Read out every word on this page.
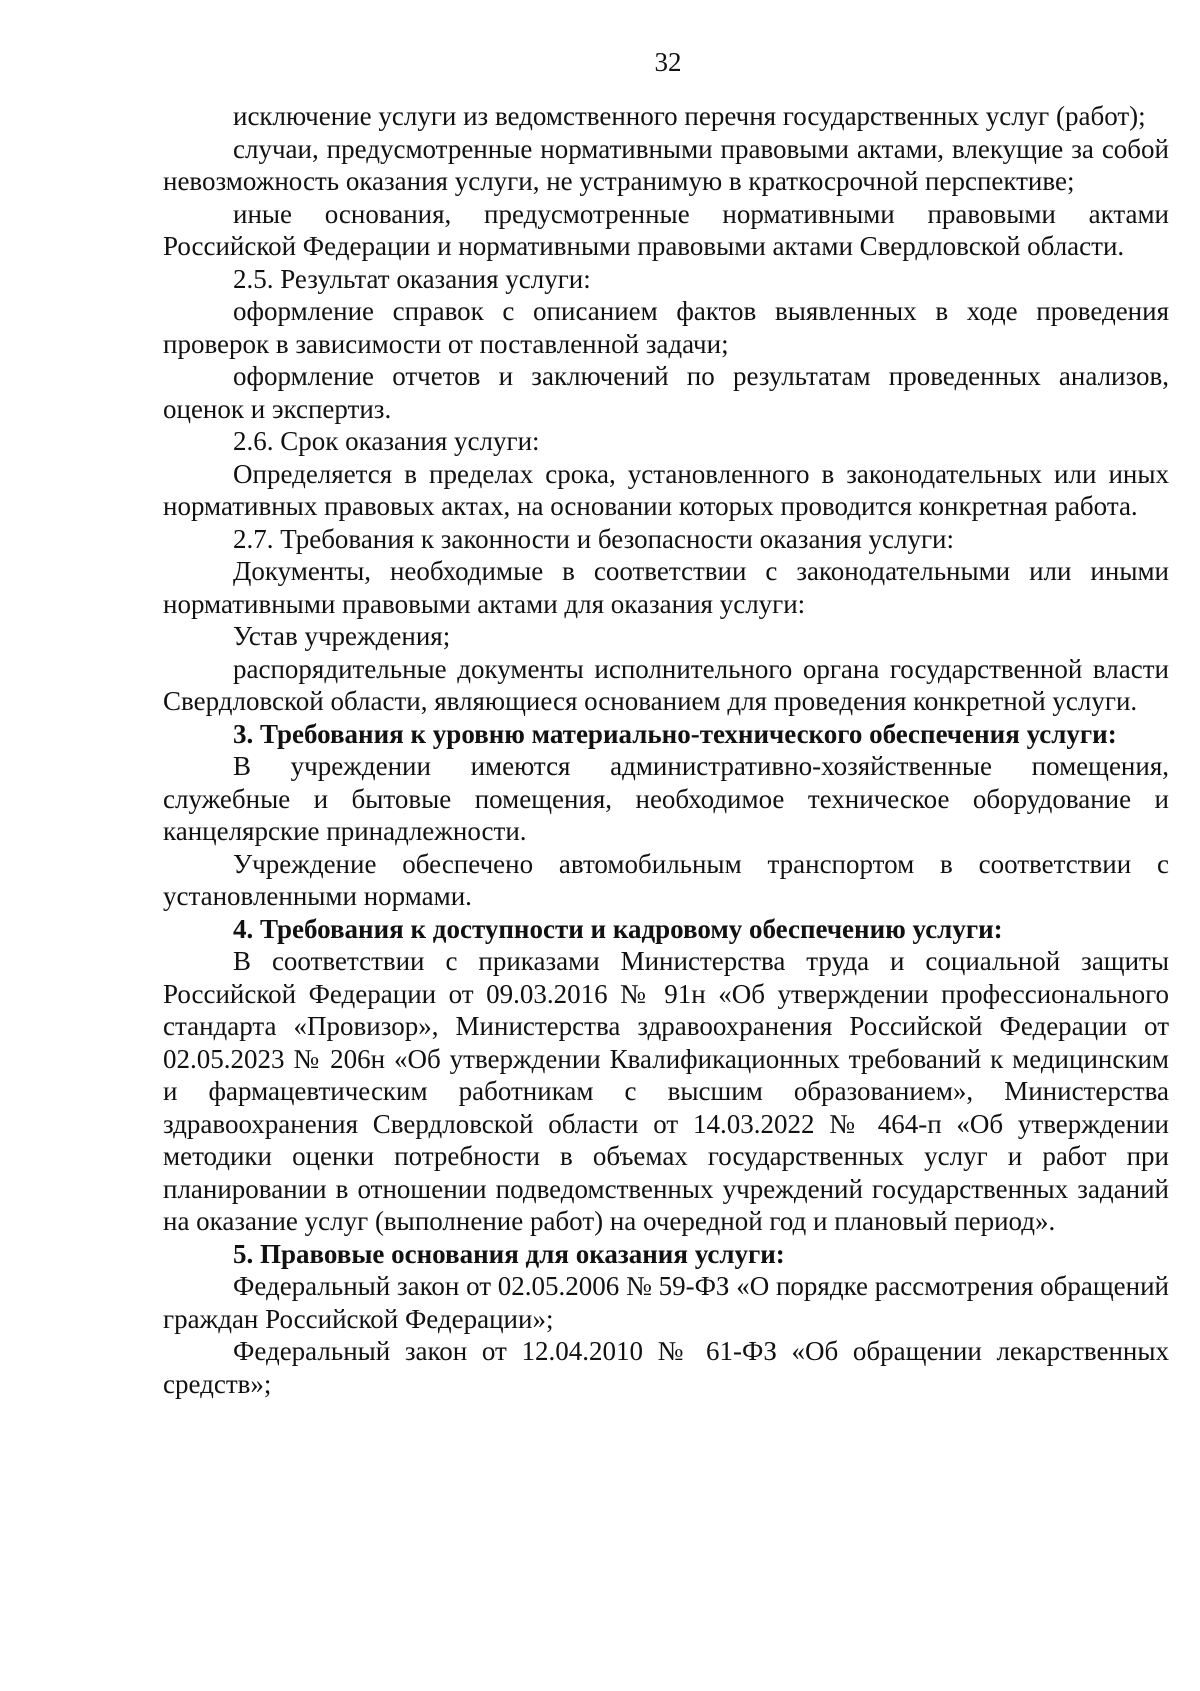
32

исключение услуги из ведомственного перечня государственных услуг (работ);

случаи, предусмотренные нормативными правовыми актами, влекущие за собой невозможность оказания услуги, не устранимую в краткосрочной перспективе;

иные основания, предусмотренные нормативными правовыми актами Российской Федерации и нормативными правовыми актами Свердловской области.

2.5. Результат оказания услуги:

оформление справок с описанием фактов выявленных в ходе проведения проверок в зависимости от поставленной задачи;

оформление отчетов и заключений по результатам проведенных анализов, оценок и экспертиз.

2.6. Срок оказания услуги:

Определяется в пределах срока, установленного в законодательных или иных нормативных правовых актах, на основании которых проводится конкретная работа.

2.7. Требования к законности и безопасности оказания услуги:

Документы, необходимые в соответствии с законодательными или иными нормативными правовыми актами для оказания услуги:

Устав учреждения;

распорядительные документы исполнительного органа государственной власти Свердловской области, являющиеся основанием для проведения конкретной услуги.

3. Требования к уровню материально-технического обеспечения услуги:

В учреждении имеются административно-хозяйственные помещения, служебные и бытовые помещения, необходимое техническое оборудование и канцелярские принадлежности.

Учреждение обеспечено автомобильным транспортом в соответствии с установленными нормами.

4. Требования к доступности и кадровому обеспечению услуги:

В соответствии с приказами Министерства труда и социальной защиты Российской Федерации от 09.03.2016 № 91н «Об утверждении профессионального стандарта «Провизор», Министерства здравоохранения Российской Федерации от 02.05.2023 № 206н «Об утверждении Квалификационных требований к медицинским и фармацевтическим работникам с высшим образованием», Министерства здравоохранения Свердловской области от 14.03.2022 № 464-п «Об утверждении методики оценки потребности в объемах государственных услуг и работ при планировании в отношении подведомственных учреждений государственных заданий на оказание услуг (выполнение работ) на очередной год и плановый период».

5. Правовые основания для оказания услуги:

Федеральный закон от 02.05.2006 № 59-ФЗ «О порядке рассмотрения обращений граждан Российской Федерации»;

Федеральный закон от 12.04.2010 № 61-ФЗ «Об обращении лекарственных средств»;
